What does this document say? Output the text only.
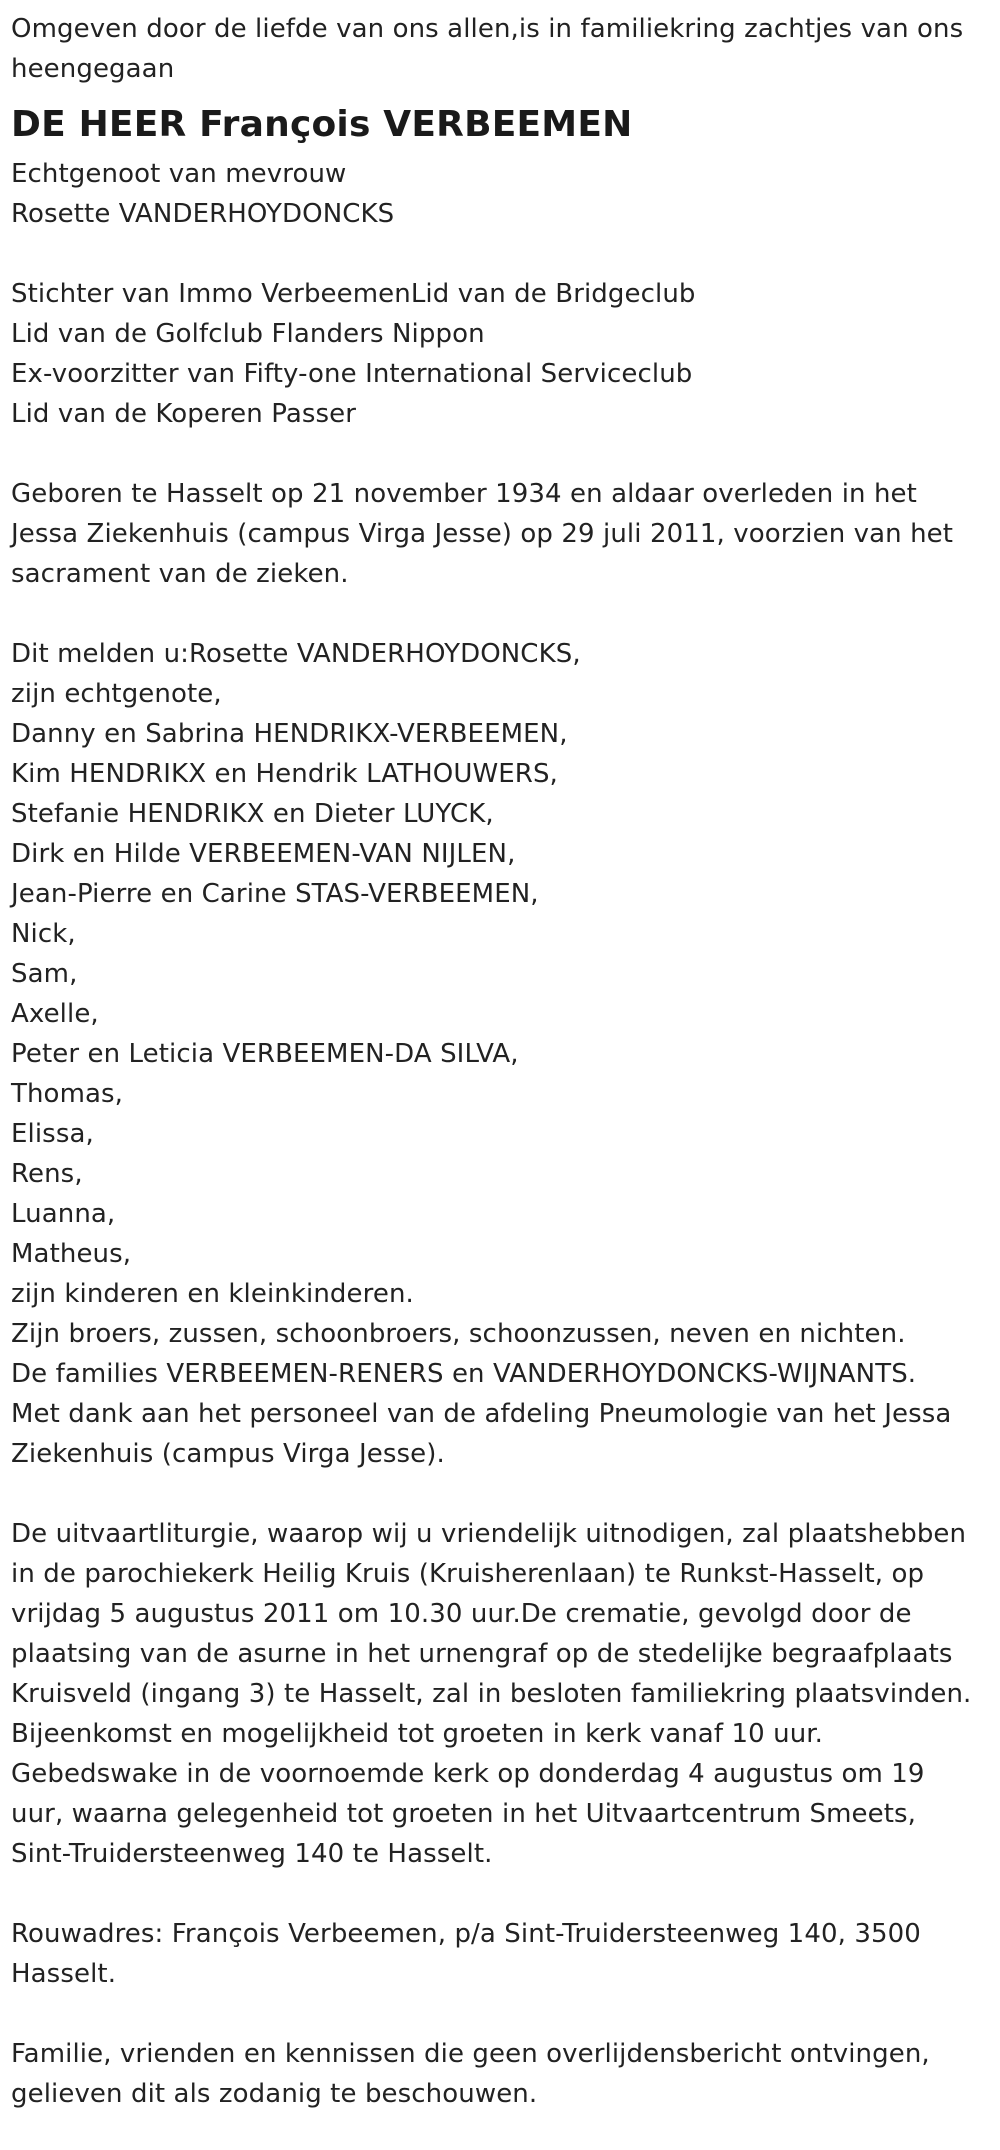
Omgeven door de liefde van ons allen,is in familiekring zachtjes van ons
heengegaan
DE HEER François VERBEEMEN
Echtgenoot van mevrouw
Rosette VANDERHOYDONCKS
Stichter van Immo VerbeemenLid van de Bridgeclub
Lid van de Golfclub Flanders Nippon
Ex-voorzitter van Fifty-one International Serviceclub
Lid van de Koperen Passer
Geboren te Hasselt op 21 november 1934 en aldaar overleden in het
Jessa Ziekenhuis (campus Virga Jesse) op 29 juli 2011, voorzien van het
sacrament van de zieken.
Dit melden u:Rosette VANDERHOYDONCKS,
zijn echtgenote,
Danny en Sabrina HENDRIKX-VERBEEMEN,
Kim HENDRIKX en Hendrik LATHOUWERS,
Stefanie HENDRIKX en Dieter LUYCK,
Dirk en Hilde VERBEEMEN-VAN NIJLEN,
Jean-Pierre en Carine STAS-VERBEEMEN,
Nick,
Sam,
Axelle,
Peter en Leticia VERBEEMEN-DA SILVA,
Thomas,
Elissa,
Rens,
Luanna,
Matheus,
zijn kinderen en kleinkinderen.
Zijn broers, zussen, schoonbroers, schoonzussen, neven en nichten.
De families VERBEEMEN-RENERS en VANDERHOYDONCKS-WIJNANTS.
Met dank aan het personeel van de afdeling Pneumologie van het Jessa
Ziekenhuis (campus Virga Jesse).
De uitvaartliturgie, waarop wij u vriendelijk uitnodigen, zal plaatshebben
in de parochiekerk Heilig Kruis (Kruisherenlaan) te Runkst-Hasselt, op
vrijdag 5 augustus 2011 om 10.30 uur.De crematie, gevolgd door de
plaatsing van de asurne in het urnengraf op de stedelijke begraafplaats
Kruisveld (ingang 3) te Hasselt, zal in besloten familiekring plaatsvinden.
Bijeenkomst en mogelijkheid tot groeten in kerk vanaf 10 uur.
Gebedswake in de voornoemde kerk op donderdag 4 augustus om 19
uur, waarna gelegenheid tot groeten in het Uitvaartcentrum Smeets,
Sint-Truidersteenweg 140 te Hasselt.
Rouwadres: François Verbeemen, p/a Sint-Truidersteenweg 140, 3500
Hasselt.
Familie, vrienden en kennissen die geen overlijdensbericht ontvingen,
gelieven dit als zodanig te beschouwen.
